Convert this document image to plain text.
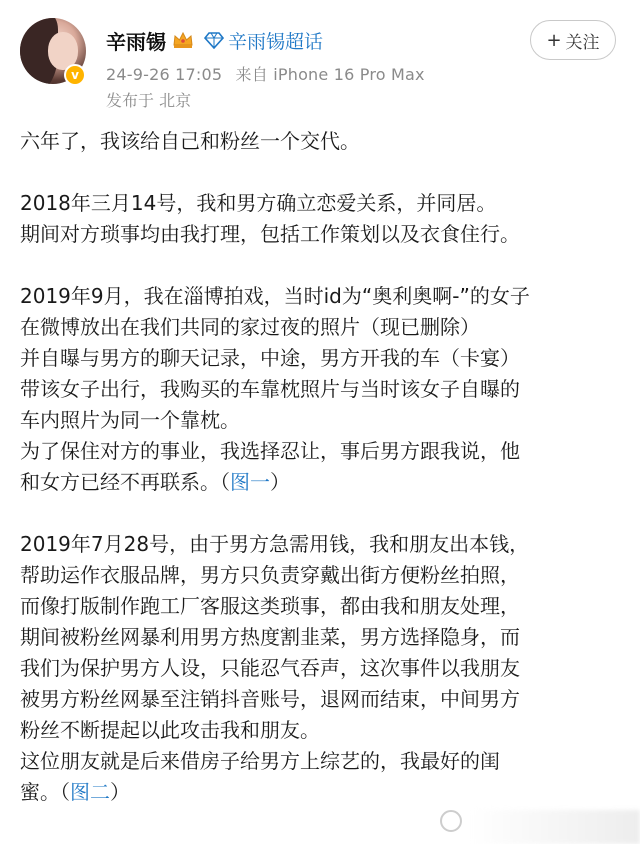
v
辛雨锡	辛雨锡超话
24-9-26 17:05 来自 iPhone 16 Pro Max
发布于 北京
+ 关注
六年了，我该给自己和粉丝一个交代。
2018年三月14号，我和男方确立恋爱关系，并同居。
期间对方琐事均由我打理，包括工作策划以及衣食住行。
2019年9月，我在淄博拍戏，当时id为“奥利奥啊-”的女子
在微博放出在我们共同的家过夜的照片（现已删除）
并自曝与男方的聊天记录，中途，男方开我的车（卡宴）
带该女子出行，我购买的车靠枕照片与当时该女子自曝的
车内照片为同一个靠枕。
为了保住对方的事业，我选择忍让，事后男方跟我说，他
和女方已经不再联系。（图一）
2019年7月28号，由于男方急需用钱，我和朋友出本钱，
帮助运作衣服品牌，男方只负责穿戴出街方便粉丝拍照，
而像打版制作跑工厂客服这类琐事，都由我和朋友处理，
期间被粉丝网暴利用男方热度割韭菜，男方选择隐身，而
我们为保护男方人设，只能忍气吞声，这次事件以我朋友
被男方粉丝网暴至注销抖音账号，退网而结束，中间男方
粉丝不断提起以此攻击我和朋友。
这位朋友就是后来借房子给男方上综艺的，我最好的闺
蜜。（图二）
